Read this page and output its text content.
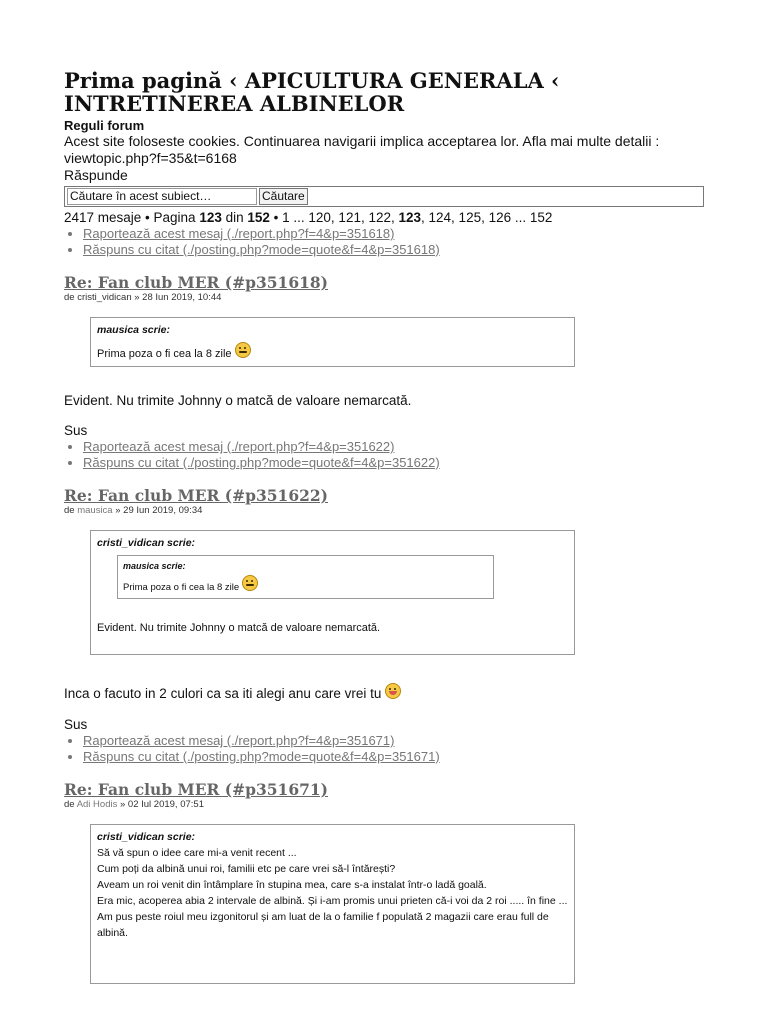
Prima pagină ‹ APICULTURA GENERALA ‹ INTRETINEREA ALBINELOR
Reguli forum
Acest site foloseste cookies. Continuarea navigarii implica acceptarea lor. Afla mai multe detalii : viewtopic.php?f=35&t=6168
Răspunde
Căutare în acest subiect…	Căutare
2417 mesaje • Pagina 123 din 152 • 1 ... 120, 121, 122, 123, 124, 125, 126 ... 152
• Raportează acest mesaj (./report.php?f=4&p=351618)
• Răspuns cu citat (./posting.php?mode=quote&f=4&p=351618)
Re: Fan club MER (#p351618)
de cristi_vidican » 28 Iun 2019, 10:44
mausica scrie:
Prima poza o fi cea la 8 zile
Evident. Nu trimite Johnny o matcă de valoare nemarcată.
Sus
• Raportează acest mesaj (./report.php?f=4&p=351622)
• Răspuns cu citat (./posting.php?mode=quote&f=4&p=351622)
Re: Fan club MER (#p351622)
de mausica » 29 Iun 2019, 09:34
cristi_vidican scrie:
mausica scrie:
Prima poza o fi cea la 8 zile
Evident. Nu trimite Johnny o matcă de valoare nemarcată.
Inca o facuto in 2 culori ca sa iti alegi anu care vrei tu
Sus
• Raportează acest mesaj (./report.php?f=4&p=351671)
• Răspuns cu citat (./posting.php?mode=quote&f=4&p=351671)
Re: Fan club MER (#p351671)
de Adi Hodis » 02 Iul 2019, 07:51
cristi_vidican scrie:
Să vă spun o idee care mi-a venit recent ...
Cum poți da albină unui roi, familii etc pe care vrei să-l întărești?
Aveam un roi venit din întâmplare în stupina mea, care s-a instalat într-o ladă goală.
Era mic, acoperea abia 2 intervale de albină. Și i-am promis unui prieten că-i voi da 2 roi ..... în fine ...
Am pus peste roiul meu izgonitorul și am luat de la o familie f populată 2 magazii care erau full de albină.
